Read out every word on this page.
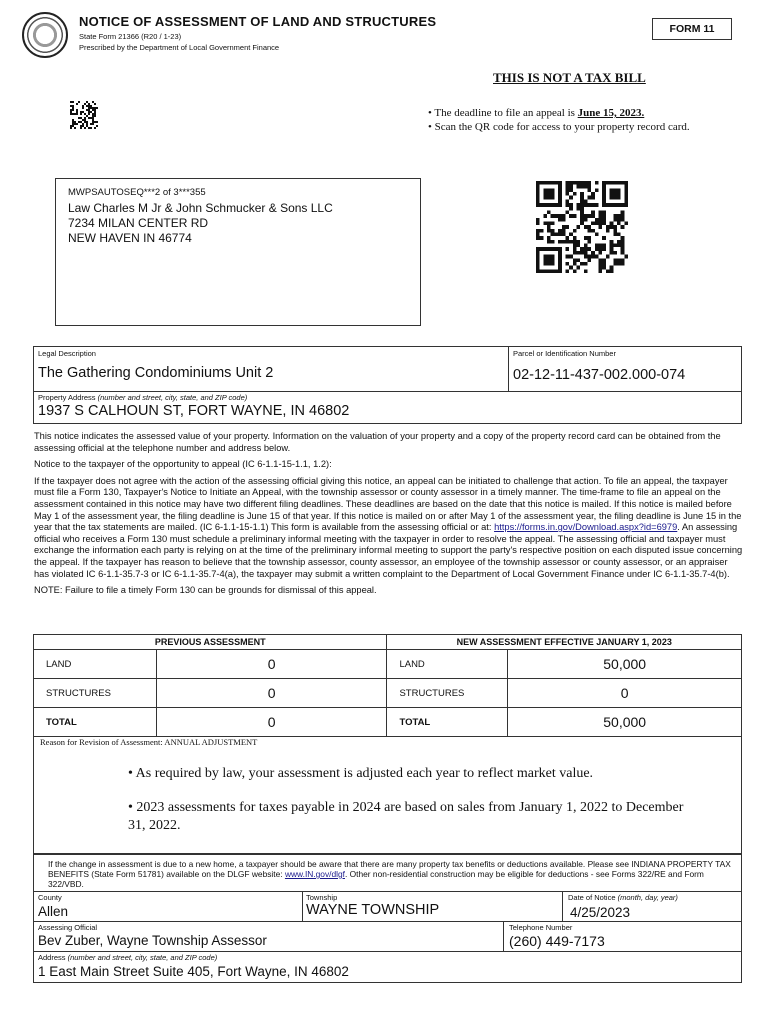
NOTICE OF ASSESSMENT OF LAND AND STRUCTURES
State Form 21366 (R20 / 1-23)
Prescribed by the Department of Local Government Finance
FORM 11
THIS IS NOT A TAX BILL
• The deadline to file an appeal is June 15, 2023.
• Scan the QR code for access to your property record card.
MWPSAUTOSEQ***2 of 3***355
Law Charles M Jr & John Schmucker & Sons LLC
7234 MILAN CENTER RD
NEW HAVEN IN 46774
Legal Description
The Gathering Condominiums Unit 2
Parcel or Identification Number
02-12-11-437-002.000-074
Property Address (number and street, city, state, and ZIP code)
1937 S CALHOUN ST, FORT WAYNE, IN 46802

This notice indicates the assessed value of your property. Information on the valuation of your property and a copy of the property record card can be obtained from the assessing official at the telephone number and address below.

Notice to the taxpayer of the opportunity to appeal (IC 6-1.1-15-1.1, 1.2):

If the taxpayer does not agree with the action of the assessing official giving this notice, an appeal can be initiated to challenge that action. To file an appeal, the taxpayer must file a Form 130, Taxpayer's Notice to Initiate an Appeal, with the township assessor or county assessor in a timely manner. The time-frame to file an appeal on the assessment contained in this notice may have two different filing deadlines. These deadlines are based on the date that this notice is mailed. If this notice is mailed before May 1 of the assessment year, the filing deadline is June 15 of that year. If this notice is mailed on or after May 1 of the assessment year, the filing deadline is June 15 in the year that the tax statements are mailed. (IC 6-1.1-15-1.1) This form is available from the assessing official or at: https://forms.in.gov/Download.aspx?id=6979. An assessing official who receives a Form 130 must schedule a preliminary informal meeting with the taxpayer in order to resolve the appeal. The assessing official and taxpayer must exchange the information each party is relying on at the time of the preliminary informal meeting to support the party's respective position on each disputed issue concerning the appeal. If the taxpayer has reason to believe that the township assessor, county assessor, an employee of the township assessor or county assessor, or an appraiser has violated IC 6-1.1-35.7-3 or IC 6-1.1-35.7-4(a), the taxpayer may submit a written complaint to the Department of Local Government Finance under IC 6-1.1-35.7-4(b).

NOTE: Failure to file a timely Form 130 can be grounds for dismissal of this appeal.

PREVIOUS ASSESSMENT		NEW ASSESSMENT EFFECTIVE JANUARY 1, 2023	
LAND	0	LAND	50,000
STRUCTURES	0	STRUCTURES	0
TOTAL	0	TOTAL	50,000
Reason for Revision of Assessment: ANNUAL ADJUSTMENT
• As required by law, your assessment is adjusted each year to reflect market value.
• 2023 assessments for taxes payable in 2024 are based on sales from January 1, 2022 to December 31, 2022.
If the change in assessment is due to a new home, a taxpayer should be aware that there are many property tax benefits or deductions available. Please see INDIANA PROPERTY TAX BENEFITS (State Form 51781) available on the DLGF website: www.IN.gov/dlgf. Other non-residential construction may be eligible for deductions - see Forms 322/RE and Form 322/VBD.
County
Allen
Township
WAYNE TOWNSHIP
Date of Notice (month, day, year)
4/25/2023
Assessing Official
Bev Zuber, Wayne Township Assessor
Telephone Number
(260) 449-7173
Address (number and street, city, state, and ZIP code)
1 East Main Street Suite 405, Fort Wayne, IN 46802
